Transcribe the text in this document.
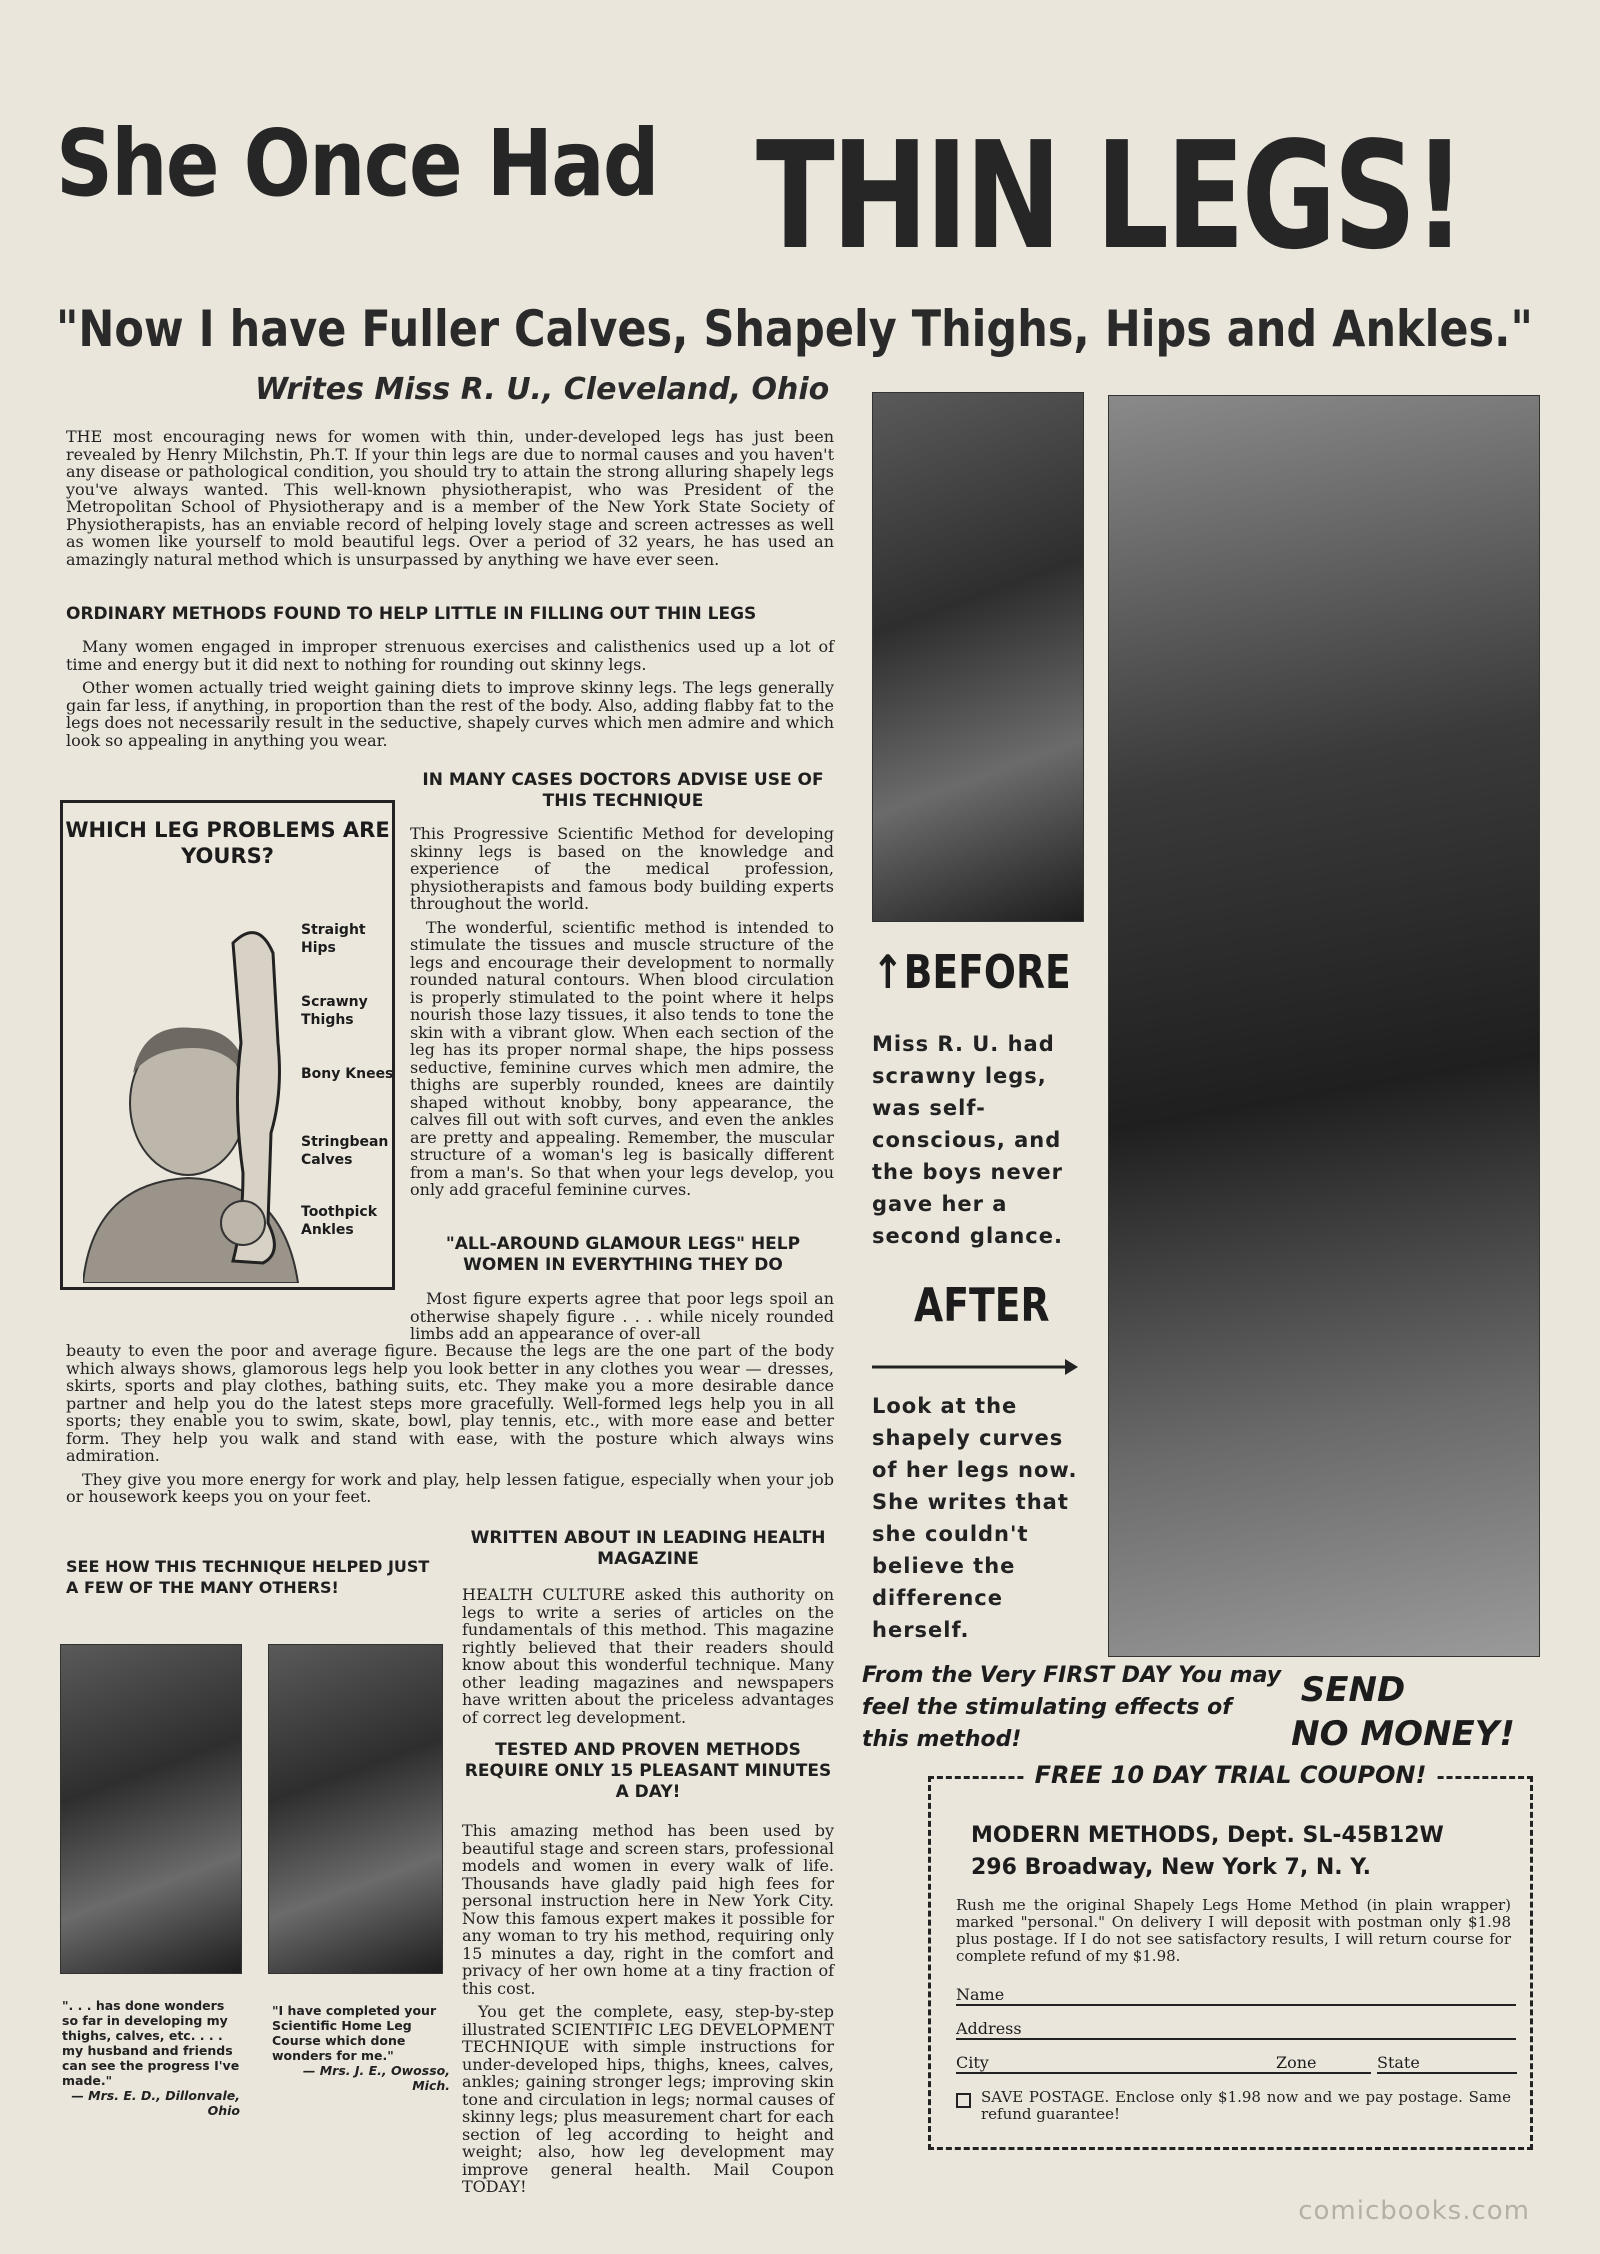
She Once Had THIN LEGS!
"Now I have Fuller Calves, Shapely Thighs, Hips and Ankles."
Writes Miss R. U., Cleveland, Ohio

THE most encouraging news for women with thin, under-developed legs has just been revealed by Henry Milchstin, Ph.T. If your thin legs are due to normal causes and you haven't any disease or pathological condition, you should try to attain the strong alluring shapely legs you've always wanted. This well-known physiotherapist, who was President of the Metropolitan School of Physiotherapy and is a member of the New York State Society of Physiotherapists, has an enviable record of helping lovely stage and screen actresses as well as women like yourself to mold beautiful legs. Over a period of 32 years, he has used an amazingly natural method which is unsurpassed by anything we have ever seen.

ORDINARY METHODS FOUND TO HELP LITTLE IN FILLING OUT THIN LEGS

Many women engaged in improper strenuous exercises and calisthenics used up a lot of time and energy but it did next to nothing for rounding out skinny legs.

Other women actually tried weight gaining diets to improve skinny legs. The legs generally gain far less, if anything, in proportion than the rest of the body. Also, adding flabby fat to the legs does not necessarily result in the seductive, shapely curves which men admire and which look so appealing in anything you wear.

IN MANY CASES DOCTORS ADVISE USE OF THIS TECHNIQUE

This Progressive Scientific Method for developing skinny legs is based on the knowledge and experience of the medical profession, physiotherapists and famous body building experts throughout the world.

The wonderful, scientific method is intended to stimulate the tissues and muscle structure of the legs and encourage their development to normally rounded natural contours. When blood circulation is properly stimulated to the point where it helps nourish those lazy tissues, it also tends to tone the skin with a vibrant glow. When each section of the leg has its proper normal shape, the hips possess seductive, feminine curves which men admire, the thighs are superbly rounded, knees are daintily shaped without knobby, bony appearance, the calves fill out with soft curves, and even the ankles are pretty and appealing. Remember, the muscular structure of a woman's leg is basically different from a man's. So that when your legs develop, you only add graceful feminine curves.

WHICH LEG PROBLEMS ARE YOURS?
Straight Hips
Scrawny Thighs
Bony Knees
Stringbean Calves
Toothpick Ankles
"ALL-AROUND GLAMOUR LEGS" HELP WOMEN IN EVERYTHING THEY DO

Most figure experts agree that poor legs spoil an otherwise shapely figure . . . while nicely rounded limbs add an appearance of over-all

beauty to even the poor and average figure. Because the legs are the one part of the body which always shows, glamorous legs help you look better in any clothes you wear — dresses, skirts, sports and play clothes, bathing suits, etc. They make you a more desirable dance partner and help you do the latest steps more gracefully. Well-formed legs help you in all sports; they enable you to swim, skate, bowl, play tennis, etc., with more ease and better form. They help you walk and stand with ease, with the posture which always wins admiration.

They give you more energy for work and play, help lessen fatigue, especially when your job or housework keeps you on your feet.

SEE HOW THIS TECHNIQUE HELPED JUST A FEW OF THE MANY OTHERS!
". . . has done wonders so far in developing my thighs, calves, etc. . . . my husband and friends can see the progress I've made."
— Mrs. E. D., Dillonvale, Ohio
"I have completed your Scientific Home Leg Course which done wonders for me."
— Mrs. J. E., Owosso, Mich.
WRITTEN ABOUT IN LEADING HEALTH MAGAZINE

HEALTH CULTURE asked this authority on legs to write a series of articles on the fundamentals of this method. This magazine rightly believed that their readers should know about this wonderful technique. Many other leading magazines and newspapers have written about the priceless advantages of correct leg development.

TESTED AND PROVEN METHODS REQUIRE ONLY 15 PLEASANT MINUTES A DAY!

This amazing method has been used by beautiful stage and screen stars, professional models and women in every walk of life. Thousands have gladly paid high fees for personal instruction here in New York City. Now this famous expert makes it possible for any woman to try his method, requiring only 15 minutes a day, right in the comfort and privacy of her own home at a tiny fraction of this cost.

You get the complete, easy, step-by-step illustrated SCIENTIFIC LEG DEVELOPMENT TECHNIQUE with simple instructions for under-developed hips, thighs, knees, calves, ankles; gaining stronger legs; improving skin tone and circulation in legs; normal causes of skinny legs; plus measurement chart for each section of leg according to height and weight; also, how leg development may improve general health. Mail Coupon TODAY!

↑BEFORE
Miss R. U. had scrawny legs, was self-conscious, and the boys never gave her a second glance.
AFTER
Look at the shapely curves of her legs now. She writes that she couldn't believe the difference herself.
From the Very FIRST DAY You may feel the stimulating effects of this method!
SEND
NO MONEY!
FREE 10 DAY TRIAL COUPON!
MODERN METHODS, Dept. SL-45B12W
296 Broadway, New York 7, N. Y.
Rush me the original Shapely Legs Home Method (in plain wrapper) marked "personal." On delivery I will deposit with postman only $1.98 plus postage. If I do not see satisfactory results, I will return course for complete refund of my $1.98.
Name
Address
City	Zone	State
SAVE POSTAGE. Enclose only $1.98 now and we pay postage. Same refund guarantee!
comicbooks.com
